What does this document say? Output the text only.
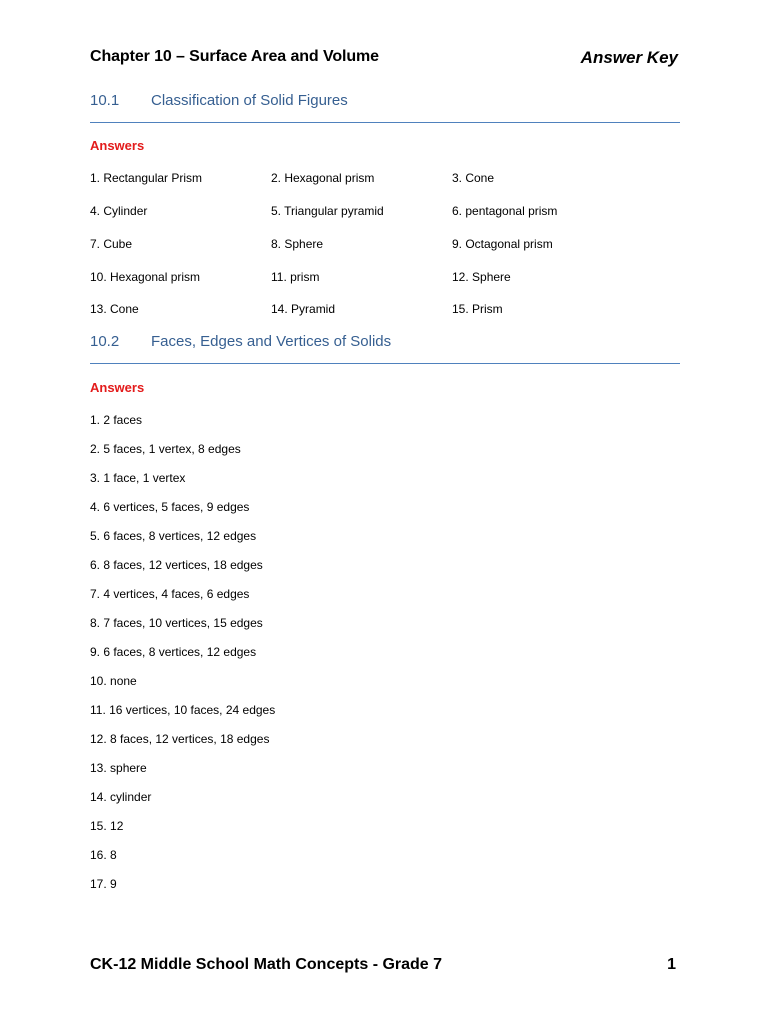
Chapter 10 – Surface Area and Volume	Answer Key
10.1 Classification of Solid Figures
Answers
1. Rectangular Prism	2. Hexagonal prism	3. Cone
4. Cylinder	5. Triangular pyramid	6. pentagonal prism
7. Cube	8. Sphere	9. Octagonal prism
10. Hexagonal prism	11. prism	12. Sphere
13. Cone	14. Pyramid	15. Prism
10.2 Faces, Edges and Vertices of Solids
Answers
1. 2 faces
2. 5 faces, 1 vertex, 8 edges
3. 1 face, 1 vertex
4. 6 vertices, 5 faces, 9 edges
5. 6 faces, 8 vertices, 12 edges
6. 8 faces, 12 vertices, 18 edges
7. 4 vertices, 4 faces, 6 edges
8. 7 faces, 10 vertices, 15 edges
9. 6 faces, 8 vertices, 12 edges
10. none
11. 16 vertices, 10 faces, 24 edges
12. 8 faces, 12 vertices, 18 edges
13. sphere
14. cylinder
15. 12
16. 8
17. 9
CK-12 Middle School Math Concepts - Grade 7	1
